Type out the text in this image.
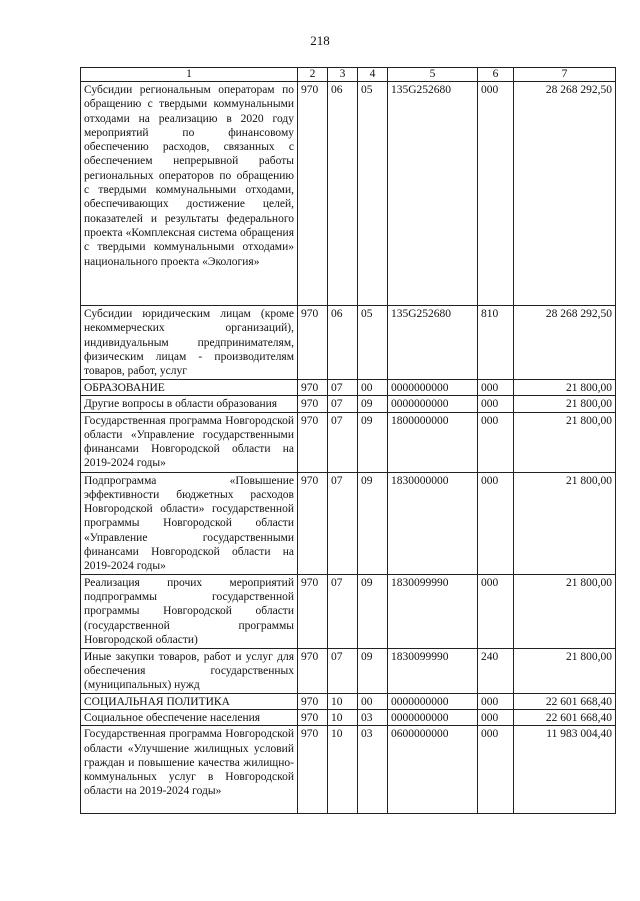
218
1	2	3	4	5	6	7

Субсидии региональным операторам по обращению с твердыми коммунальными отходами на реализацию в 2020 году мероприятий по финансовому обеспечению расходов, связанных с обеспечением непрерывной работы региональных операторов по обращению с твердыми коммунальными отходами, обеспечивающих достижение целей, показателей и результаты федерального проекта «Комплексная система обращения с твердыми коммунальными отходами» национального проекта «Экология»	970	06	05	135G252680	000	28 268 292,50

Субсидии юридическим лицам (кроме некоммерческих организаций), индивидуальным предпринимателям, физическим лицам - производителям товаров, работ, услуг	970	06	05	135G252680	810	28 268 292,50

ОБРАЗОВАНИЕ	970	07	00	0000000000	000	21 800,00

Другие вопросы в области образования	970	07	09	0000000000	000	21 800,00

Государственная программа Новгородской области «Управление государственными финансами Новгородской области на 2019-2024 годы»	970	07	09	1800000000	000	21 800,00

Подпрограмма «Повышение эффективности бюджетных расходов Новгородской области» государственной программы Новгородской области «Управление государственными финансами Новгородской области на 2019-2024 годы»	970	07	09	1830000000	000	21 800,00

Реализация прочих мероприятий подпрограммы государственной программы Новгородской области (государственной программы Новгородской области)	970	07	09	1830099990	000	21 800,00

Иные закупки товаров, работ и услуг для обеспечения государственных (муниципальных) нужд	970	07	09	1830099990	240	21 800,00

СОЦИАЛЬНАЯ ПОЛИТИКА	970	10	00	0000000000	000	22 601 668,40

Социальное обеспечение населения	970	10	03	0000000000	000	22 601 668,40

Государственная программа Новгородской области «Улучшение жилищных условий граждан и повышение качества жилищно-коммунальных услуг в Новгородской области на 2019-2024 годы»	970	10	03	0600000000	000	11 983 004,40
